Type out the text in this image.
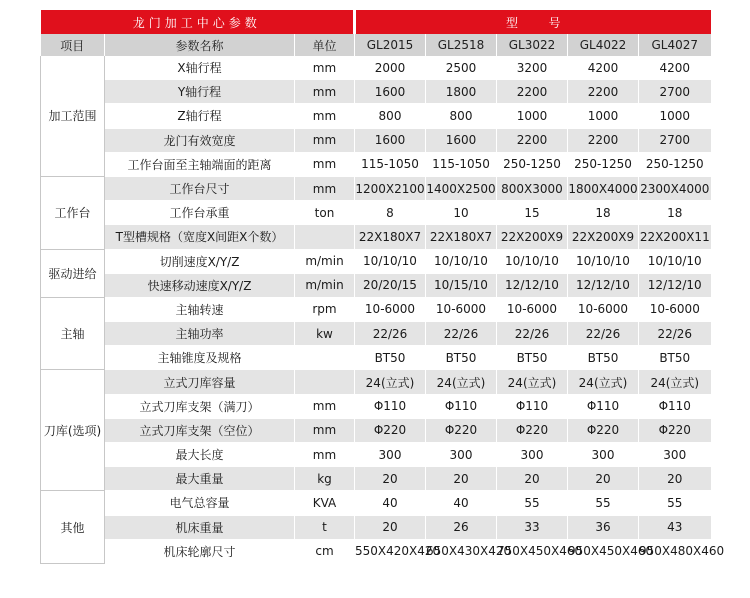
龙门加工中心参数			型        号				
项目	参数名称	单位	GL2015	GL2518	GL3022	GL4022	GL4027
加工范围	X轴行程	mm	2000	2500	3200	4200	4200
	Y轴行程	mm	1600	1800	2200	2200	2700
	Z轴行程	mm	800	800	1000	1000	1000
	龙门有效宽度	mm	1600	1600	2200	2200	2700
	工作台面至主轴端面的距离	mm	115-1050	115-1050	250-1250	250-1250	250-1250
工作台	工作台尺寸	mm	1200X2100	1400X2500	800X3000	1800X4000	2300X4000
	工作台承重	ton	8	10	15	18	18
	T型槽规格（宽度X间距X个数）		22X180X7	22X180X7	22X200X9	22X200X9	22X200X11
驱动进给	切削速度X/Y/Z	m/min	10/10/10	10/10/10	10/10/10	10/10/10	10/10/10
	快速移动速度X/Y/Z	m/min	20/20/15	10/15/10	12/12/10	12/12/10	12/12/10
主轴	主轴转速	rpm	10-6000	10-6000	10-6000	10-6000	10-6000
	主轴功率	kw	22/26	22/26	22/26	22/26	22/26
	主轴锥度及规格		BT50	BT50	BT50	BT50	BT50
刀库(选项)	立式刀库容量		24(立式)	24(立式)	24(立式)	24(立式)	24(立式)
	立式刀库支架（满刀）	mm	Φ110	Φ110	Φ110	Φ110	Φ110
	立式刀库支架（空位）	mm	Φ220	Φ220	Φ220	Φ220	Φ220
	最大长度	mm	300	300	300	300	300
	最大重量	kg	20	20	20	20	20
其他	电气总容量	KVA	40	40	55	55	55
	机床重量	t	20	26	33	36	43
	机床轮廓尺寸	cm	550X420X420	650X430X420	750X450X460	950X450X460	950X480X460
